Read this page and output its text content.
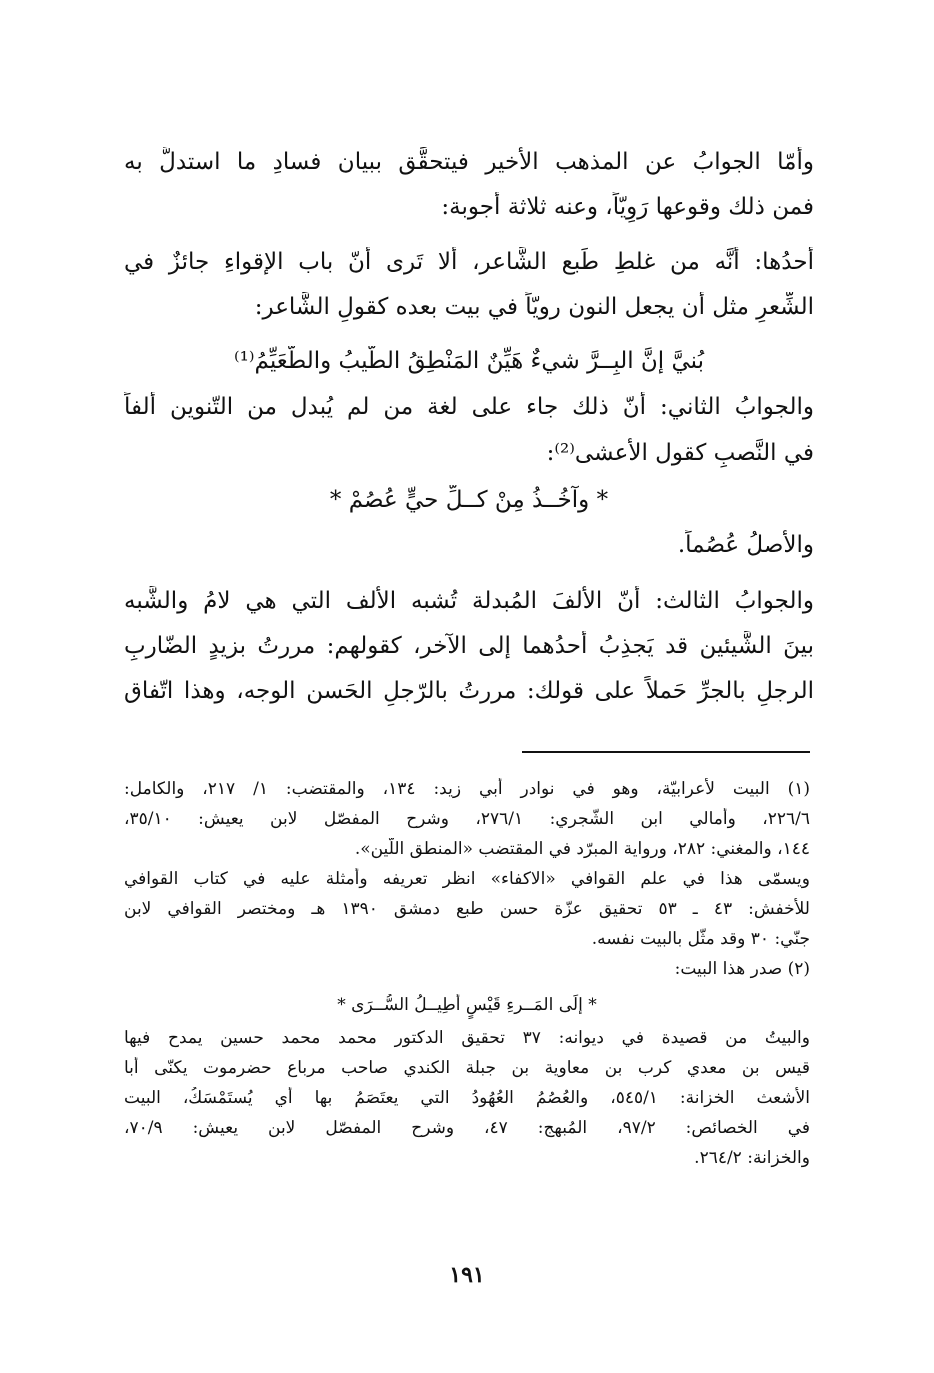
وأمّا الجوابُ عن المذهب الأخير فيتحقَّق ببيان فسادِ ما استدلَّ به
فمن ذلك وقوعها رَوِيّاً، وعنه ثلاثة أجوبة:
أحدُها: أنَّه من غلطِ طَبع الشَّاعر، ألا تَرى أنّ باب الإقواءِ جائزٌ في
الشِّعرِ مثل أن يجعل النون رويّاً في بيت بعده كقولِ الشَّاعر:
بُنيَّ إنَّ البِــرَّ شيءٌ هَيِّنٌ المَنْطِقُ الطَّيبُ والطُّعَيِّمُ⁽¹⁾
والجوابُ الثاني: أنّ ذلك جاء على لغة من لم يُبدل من التّنوين ألفاً
في النَّصبِ كقول الأعشى⁽²⁾:
* وآخُــذُ مِنْ كــلِّ حيٍّ عُصُمْ *
والأصلُ عُصُماً.
والجوابُ الثالث: أنّ الألفَ المُبدلة تُشبه الألف التي هي لامُ والشَّبه
بينَ الشَّيئين قد يَجذِبُ أحدُهما إلى الآخر، كقولهم: مررتُ بزيدٍ الضّاربِ
الرجلِ بالجرِّ حَملاً على قولك: مررتُ بالرّجلِ الحَسن الوجه، وهذا اتّفاق
(١) البيت لأعرابيّة، وهو في نوادر أبي زيد: ١٣٤، والمقتضب: ١/ ٢١٧، والكامل:
٢٢٦/٦، وأمالي ابن الشّجري: ٢٧٦/١، وشرح المفصّل لابن يعيش: ٣٥/١٠،
١٤٤، والمغني: ٢٨٢، ورواية المبرّد في المقتضب «المنطق اللّين».
ويسمّى هذا في علم القوافي «الاكفاء» انظر تعريفه وأمثلة عليه في كتاب القوافي
للأخفش: ٤٣ ـ ٥٣ تحقيق عزّة حسن طبع دمشق ١٣٩٠ هـ ومختصر القوافي لابن
جنّي: ٣٠ وقد مثّل بالبيت نفسه.
(٢) صدر هذا البيت:
* إلَى المَــرءِ قَيْسٍ أطِيــلُ السُّــرَى *
والبيتُ من قصيدة في ديوانه: ٣٧ تحقيق الدكتور محمد محمد حسين يمدح فيها
قيس بن معدي كرب بن معاوية بن جبلة الكندي صاحب مرباع حضرموت يكنّى أبا
الأشعث الخزانة: ٥٤٥/١، والعُصُمُ العُهُودُ التي يعتَصَمُ بها أي يُستَمْسَكُ، البيت
في الخصائص: ٩٧/٢، المُبهج: ٤٧، وشرح المفصّل لابن يعيش: ٧٠/٩،
والخزانة: ٢٦٤/٢.
١٩١
